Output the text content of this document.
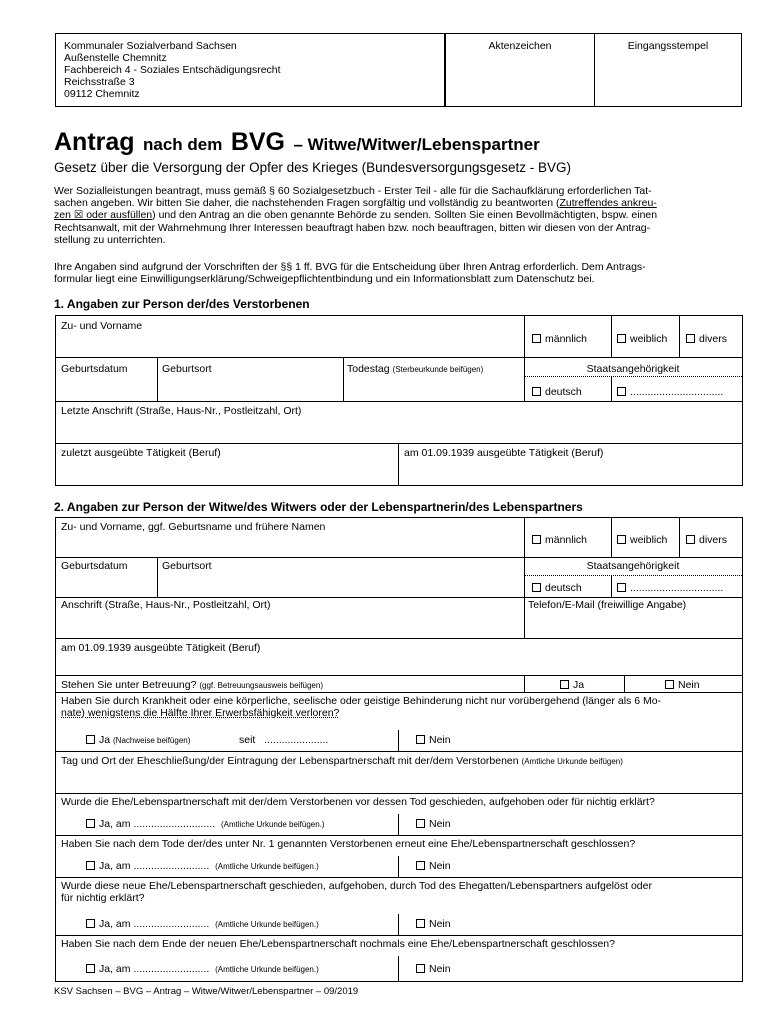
Kommunaler Sozialverband Sachsen
Außenstelle Chemnitz
Fachbereich 4 - Soziales Entschädigungsrecht
Reichsstraße 3
09112 Chemnitz
Aktenzeichen	Eingangsstempel
Antrag nach dem BVG – Witwe/Witwer/Lebenspartner
Gesetz über die Versorgung der Opfer des Krieges (Bundesversorgungsgesetz - BVG)
Wer Sozialleistungen beantragt, muss gemäß § 60 Sozialgesetzbuch - Erster Teil - alle für die Sachaufklärung erforderlichen Tat-
sachen angeben. Wir bitten Sie daher, die nachstehenden Fragen sorgfältig und vollständig zu beantworten (Zutreffendes ankreu-
zen ☒ oder ausfüllen) und den Antrag an die oben genannte Behörde zu senden. Sollten Sie einen Bevollmächtigten, bspw. einen
Rechtsanwalt, mit der Wahrnehmung Ihrer Interessen beauftragt haben bzw. noch beauftragen, bitten wir diesen von der Antrag-
stellung zu unterrichten.
Ihre Angaben sind aufgrund der Vorschriften der §§ 1 ff. BVG für die Entscheidung über Ihren Antrag erforderlich. Dem Antrags-
formular liegt eine Einwilligungserklärung/Schweigepflichtentbindung und ein Informationsblatt zum Datenschutz bei.
1. Angaben zur Person der/des Verstorbenen
Zu- und Vorname
männlich	weiblich	divers
Geburtsdatum	Geburtsort	Todestag (Sterbeurkunde beifügen)	Staatsangehörigkeit
deutsch	................................
Letzte Anschrift (Straße, Haus-Nr., Postleitzahl, Ort)
zuletzt ausgeübte Tätigkeit (Beruf)	am 01.09.1939 ausgeübte Tätigkeit (Beruf)
2. Angaben zur Person der Witwe/des Witwers oder der Lebenspartnerin/des Lebenspartners
Zu- und Vorname, ggf. Geburtsname und frühere Namen
männlich	weiblich	divers
Geburtsdatum	Geburtsort	Staatsangehörigkeit
deutsch	................................
Anschrift (Straße, Haus-Nr., Postleitzahl, Ort)	Telefon/E-Mail (freiwillige Angabe)
am 01.09.1939 ausgeübte Tätigkeit (Beruf)
Stehen Sie unter Betreuung? (ggf. Betreuungsausweis beifügen)	Ja	Nein
Haben Sie durch Krankheit oder eine körperliche, seelische oder geistige Behinderung nicht nur vorübergehend (länger als 6 Mo-
nate) wenigstens die Hälfte Ihrer Erwerbsfähigkeit verloren?
Ja (Nachweise beifügen)	seit ......................	Nein
Tag und Ort der Eheschließung/der Eintragung der Lebenspartnerschaft mit der/dem Verstorbenen (Amtliche Urkunde beifügen)
Wurde die Ehe/Lebenspartnerschaft mit der/dem Verstorbenen vor dessen Tod geschieden, aufgehoben oder für nichtig erklärt?
Ja, am ............................ (Amtliche Urkunde beifügen.)	Nein
Haben Sie nach dem Tode der/des unter Nr. 1 genannten Verstorbenen erneut eine Ehe/Lebenspartnerschaft geschlossen?
Ja, am .......................... (Amtliche Urkunde beifügen.)	Nein
Wurde diese neue Ehe/Lebenspartnerschaft geschieden, aufgehoben, durch Tod des Ehegatten/Lebenspartners aufgelöst oder
für nichtig erklärt?
Ja, am .......................... (Amtliche Urkunde beifügen.)	Nein
Haben Sie nach dem Ende der neuen Ehe/Lebenspartnerschaft nochmals eine Ehe/Lebenspartnerschaft geschlossen?
Ja, am .......................... (Amtliche Urkunde beifügen.)	Nein
KSV Sachsen – BVG – Antrag – Witwe/Witwer/Lebenspartner – 09/2019
